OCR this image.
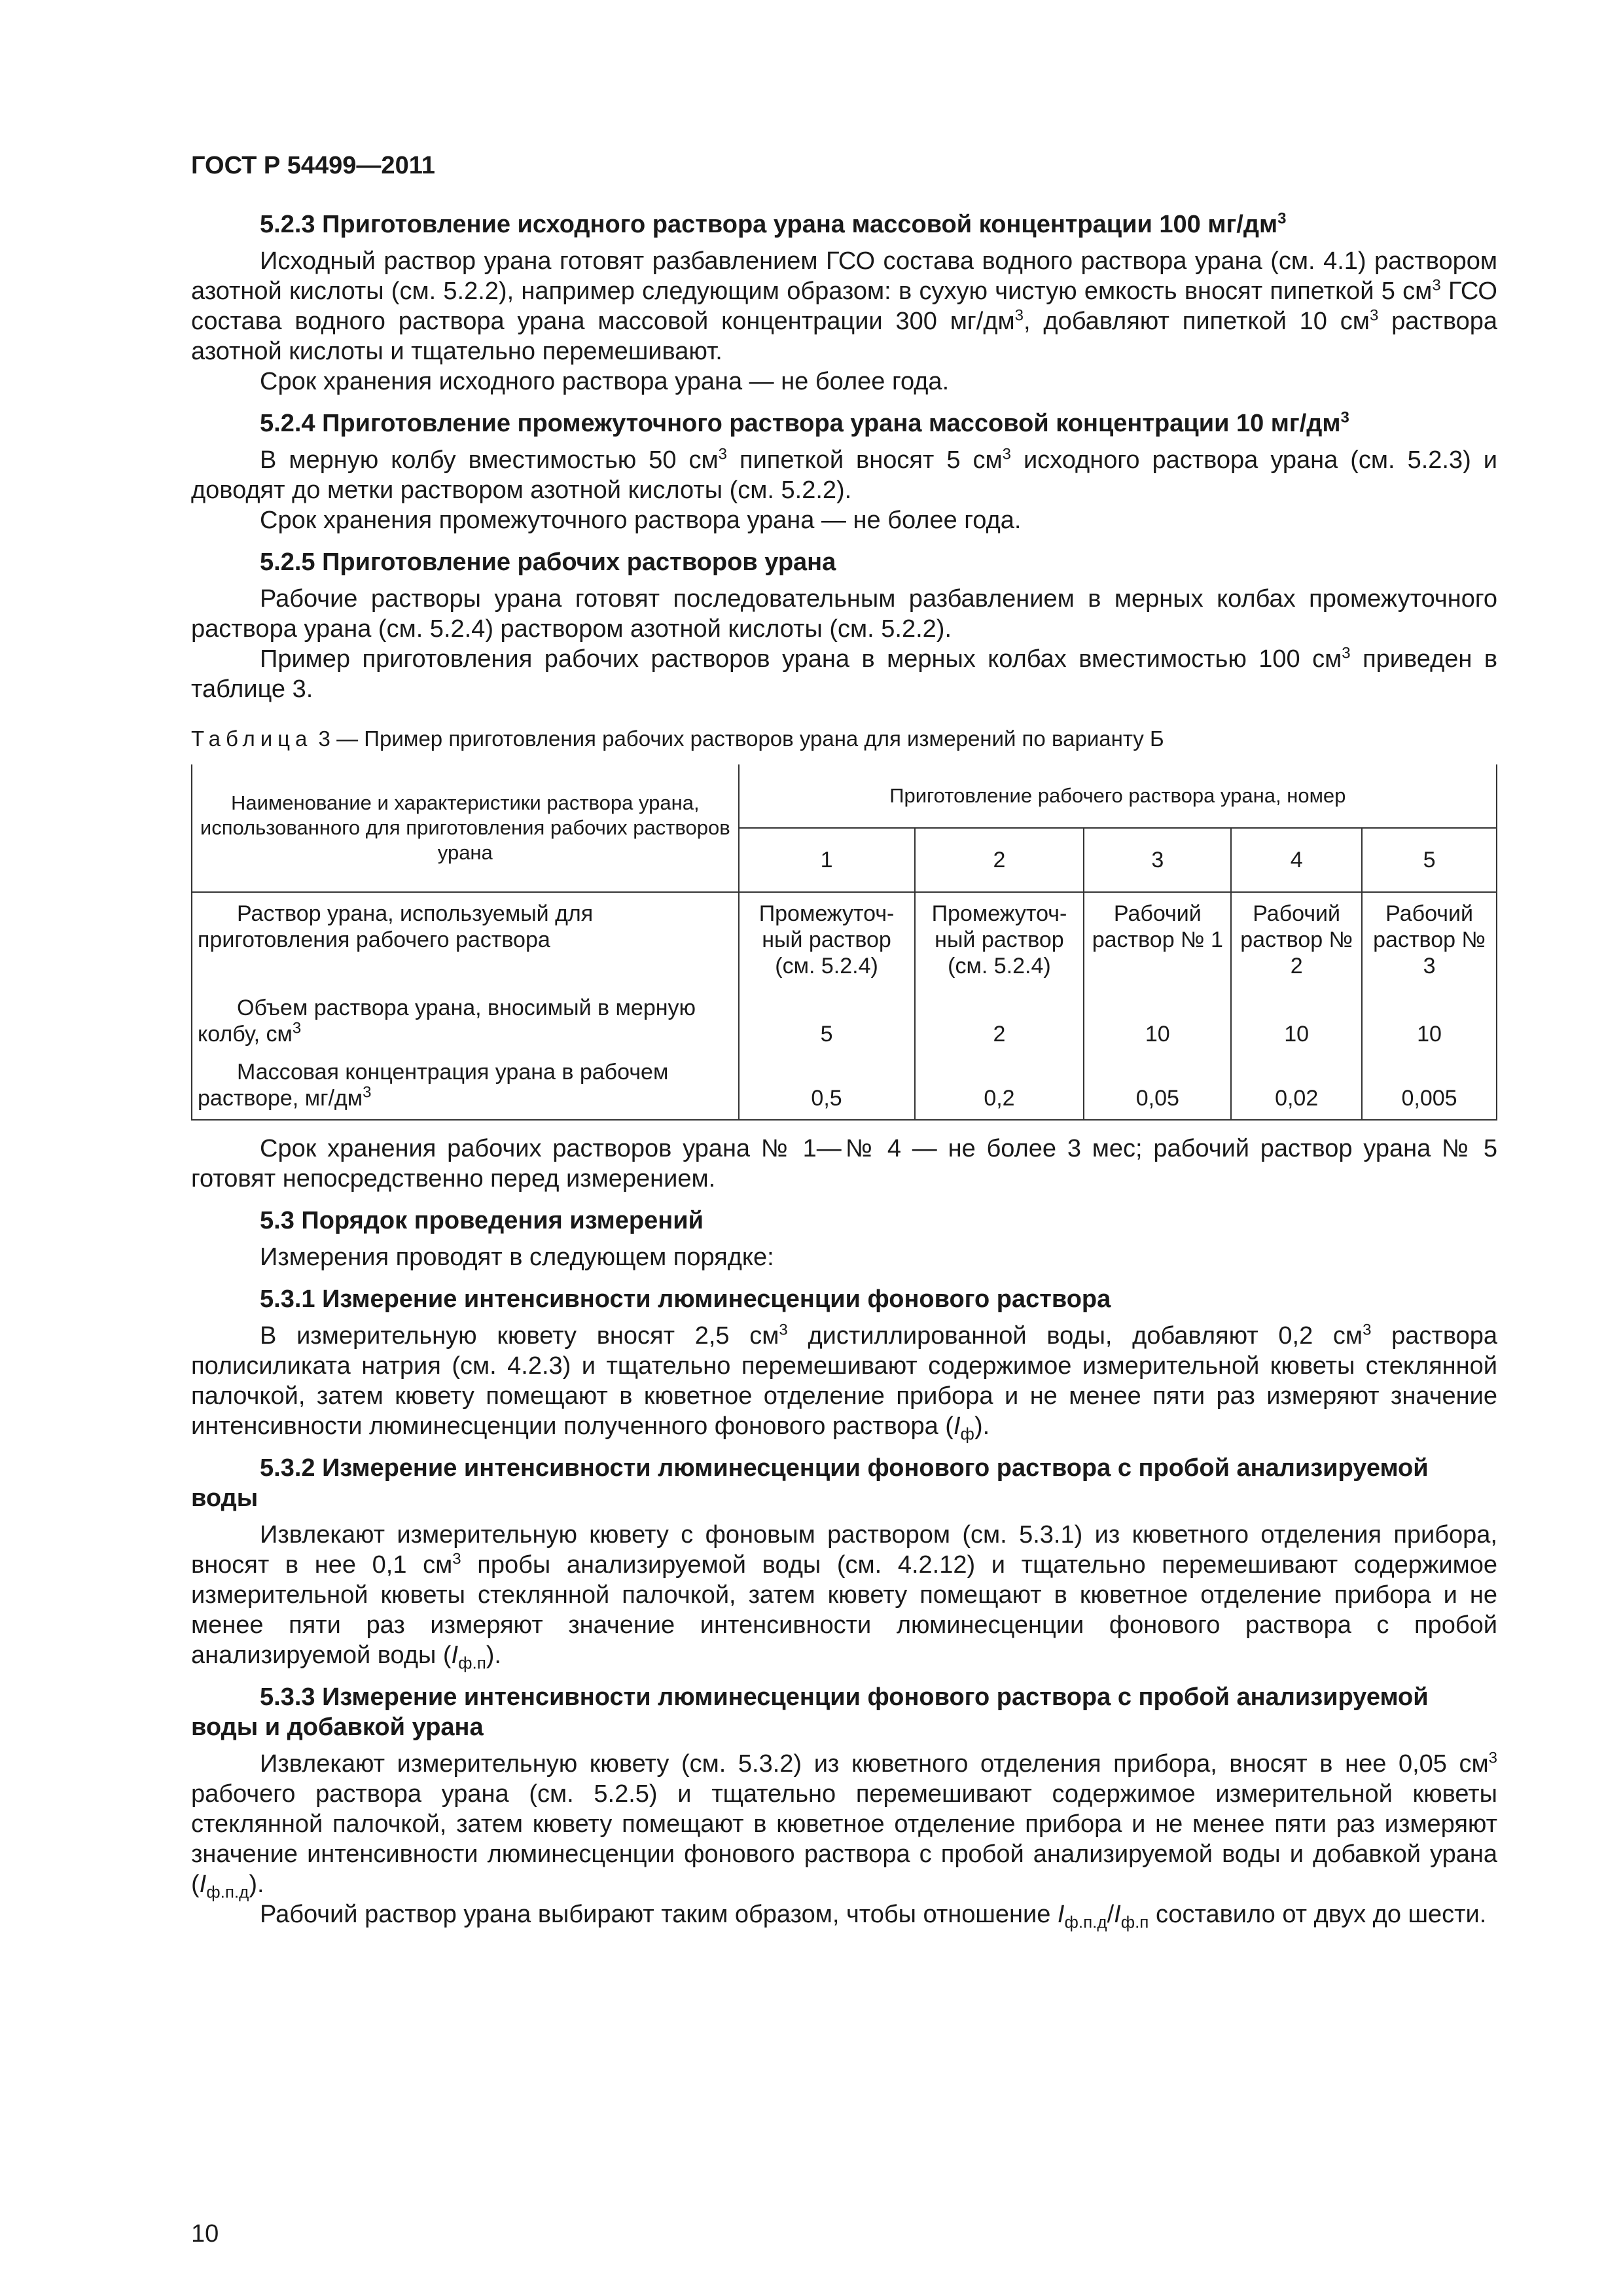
ГОСТ Р 54499—2011
5.2.3 Приготовление исходного раствора урана массовой концентрации 100 $мг/дм^3$

Исходный раствор урана готовят разбавлением ГСО состава водного раствора урана (см. 4.1) раствором азотной кислоты (см. 5.2.2), например следующим образом: в сухую чистую емкость вносят пипеткой 5 $см^3$ ГСО состава водного раствора урана массовой концентрации 300 $мг/дм^3$, добавляют пипеткой 10 $см^3$ раствора азотной кислоты и тщательно перемешивают.

Срок хранения исходного раствора урана — не более года.

5.2.4 Приготовление промежуточного раствора урана массовой концентрации 10 $мг/дм^3$

В мерную колбу вместимостью 50 $см^3$ пипеткой вносят 5 $см^3$ исходного раствора урана (см. 5.2.3) и доводят до метки раствором азотной кислоты (см. 5.2.2).

Срок хранения промежуточного раствора урана — не более года.

5.2.5 Приготовление рабочих растворов урана

Рабочие растворы урана готовят последовательным разбавлением в мерных колбах промежуточного раствора урана (см. 5.2.4) раствором азотной кислоты (см. 5.2.2).

Пример приготовления рабочих растворов урана в мерных колбах вместимостью 100 $см^3$ приведен в таблице 3.

Таблица 3 — Пример приготовления рабочих растворов урана для измерений по варианту Б
Наименование и характеристики раствора урана, использованного для приготовления рабочих растворов урана	Приготовление рабочего раствора урана, номер				
	1	2	3	4	5

Раствор урана, используемый для приготовления рабочего раствора	Промежуточ-ный раствор (см. 5.2.4)	Промежуточ-ный раствор (см. 5.2.4)	Рабочий раствор № 1	Рабочий раствор № 2	Рабочий раствор № 3

Объем раствора урана, вносимый в мерную колбу, $см^3$	5	2	10	10	10

Массовая концентрация урана в рабочем растворе, $мг/дм^3$	0,5	0,2	0,05	0,02	0,005

Срок хранения рабочих растворов урана № 1—№ 4 — не более 3 мес; рабочий раствор урана № 5 готовят непосредственно перед измерением.

5.3 Порядок проведения измерений

Измерения проводят в следующем порядке:

5.3.1 Измерение интенсивности люминесценции фонового раствора

В измерительную кювету вносят 2,5 $см^3$ дистиллированной воды, добавляют 0,2 $см^3$ раствора полисиликата натрия (см. 4.2.3) и тщательно перемешивают содержимое измерительной кюветы стеклянной палочкой, затем кювету помещают в кюветное отделение прибора и не менее пяти раз измеряют значение интенсивности люминесценции полученного фонового раствора $(I_ф)$.

5.3.2 Измерение интенсивности люминесценции фонового раствора с пробой анализируемой воды

Извлекают измерительную кювету с фоновым раствором (см. 5.3.1) из кюветного отделения прибора, вносят в нее 0,1 $см^3$ пробы анализируемой воды (см. 4.2.12) и тщательно перемешивают содержимое измерительной кюветы стеклянной палочкой, затем кювету помещают в кюветное отделение прибора и не менее пяти раз измеряют значение интенсивности люминесценции фонового раствора с пробой анализируемой воды $(I_{ф.п})$.

5.3.3 Измерение интенсивности люминесценции фонового раствора с пробой анализируемой воды и добавкой урана

Извлекают измерительную кювету (см. 5.3.2) из кюветного отделения прибора, вносят в нее 0,05 $см^3$ рабочего раствора урана (см. 5.2.5) и тщательно перемешивают содержимое измерительной кюветы стеклянной палочкой, затем кювету помещают в кюветное отделение прибора и не менее пяти раз измеряют значение интенсивности люминесценции фонового раствора с пробой анализируемой воды и добавкой урана $(I_{ф.п.д})$.

Рабочий раствор урана выбирают таким образом, чтобы отношение $I_{ф.п.д}/I_{ф.п}$ составило от двух до шести.

10
